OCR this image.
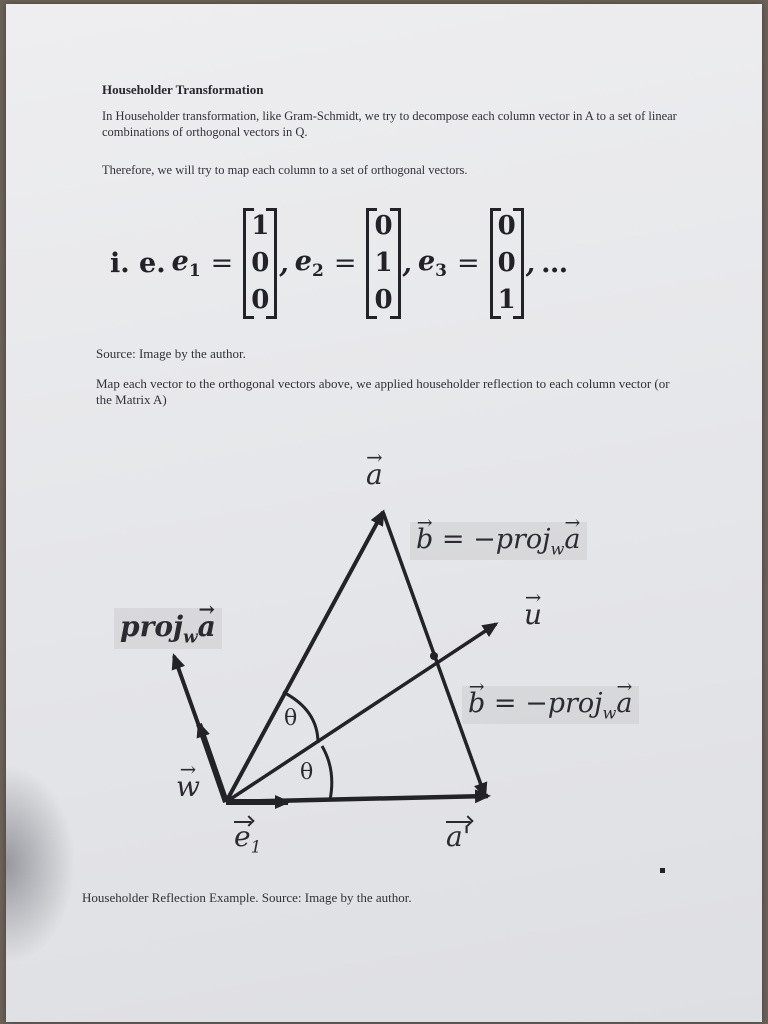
Householder Transformation
In Householder transformation, like Gram-Schmidt, we try to decompose each column vector in A to a set of linear combinations of orthogonal vectors in Q.
Therefore, we will try to map each column to a set of orthogonal vectors.
i. e. $e_1$ =
1
0
0
, $e_2$ =
0
1
0
, $e_3$ =
0
0
1
, …
Source: Image by the author.
Map each vector to the orthogonal vectors above, we applied householder reflection to each column vector (or the Matrix A)
→ a
→ b = −proj$_w$→ a
→ u
proj$_w$→ a
→ b = −proj$_w$→ a
θ
θ
→ w
$e_1$	a'
Householder Reflection Example. Source: Image by the author.
